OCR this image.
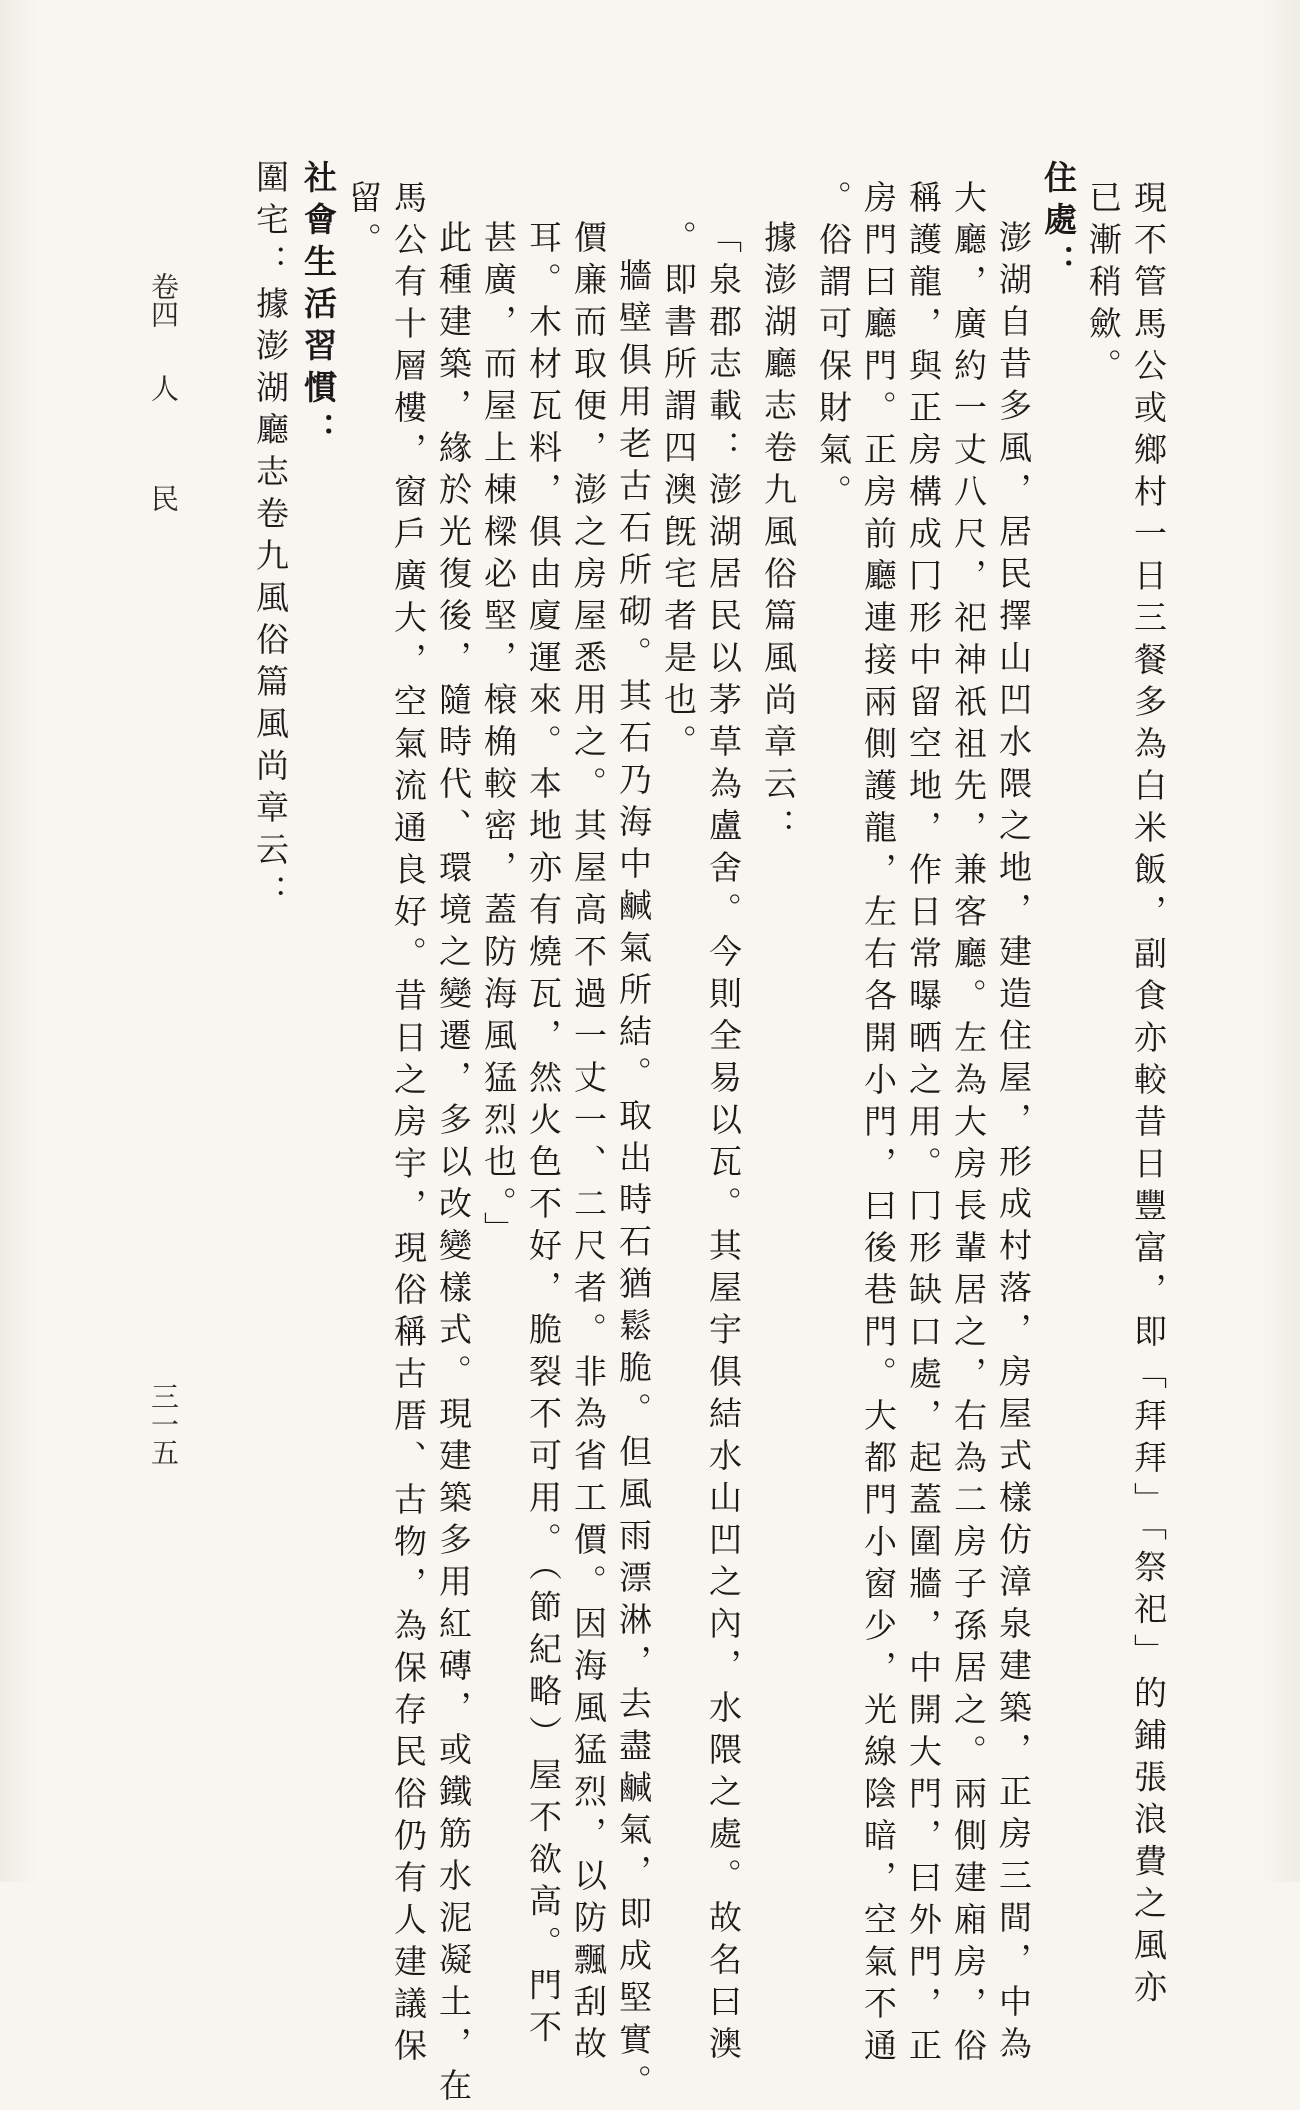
現不管馬公或鄉村一日三餐多為白米飯，副食亦較昔日豐富，即「拜拜」「祭祀」的鋪張浪費之風亦
已漸稍歛。
住處：
澎湖自昔多風，居民擇山凹水隈之地，建造住屋，形成村落，房屋式樣仿漳泉建築，正房三間，中為
大廳，廣約一丈八尺，祀神祇祖先，兼客廳。左為大房長輩居之，右為二房子孫居之。兩側建廂房，俗
稱護龍，與正房構成冂形中留空地，作日常曝晒之用。冂形缺口處，起蓋圍牆，中開大門，曰外門，正
房門曰廳門。正房前廳連接兩側護龍，左右各開小門，曰後巷門。大都門小窗少，光線陰暗，空氣不通
。俗謂可保財氣。
據澎湖廳志卷九風俗篇風尚章云：
「泉郡志載：澎湖居民以茅草為盧舍。今則全易以瓦。其屋宇俱結水山凹之內，水隈之處。故名曰澳
。即書所謂四澳旣宅者是也。
牆壁俱用老古石所砌。其石乃海中鹹氣所結。取出時石猶鬆脆。但風雨漂淋，去盡鹹氣，即成堅實。
價廉而取便，澎之房屋悉用之。其屋高不過一丈一、二尺者。非為省工價。因海風猛烈，以防飄刮故
耳。木材瓦料，俱由廈運來。本地亦有燒瓦，然火色不好，脆裂不可用。（節紀略）屋不欲高。門不
甚廣，而屋上棟樑必堅，榱桷較密，蓋防海風猛烈也。」
此種建築，緣於光復後，隨時代、環境之變遷，多以改變樣式。現建築多用紅磚，或鐵筋水泥凝土，在
馬公有十層樓，窗戶廣大，空氣流通良好。昔日之房宇，現俗稱古厝、古物，為保存民俗仍有人建議保
留。
社會生活習慣：
圍宅：據澎湖廳志卷九風俗篇風尚章云：
卷四
人
民
三一五
